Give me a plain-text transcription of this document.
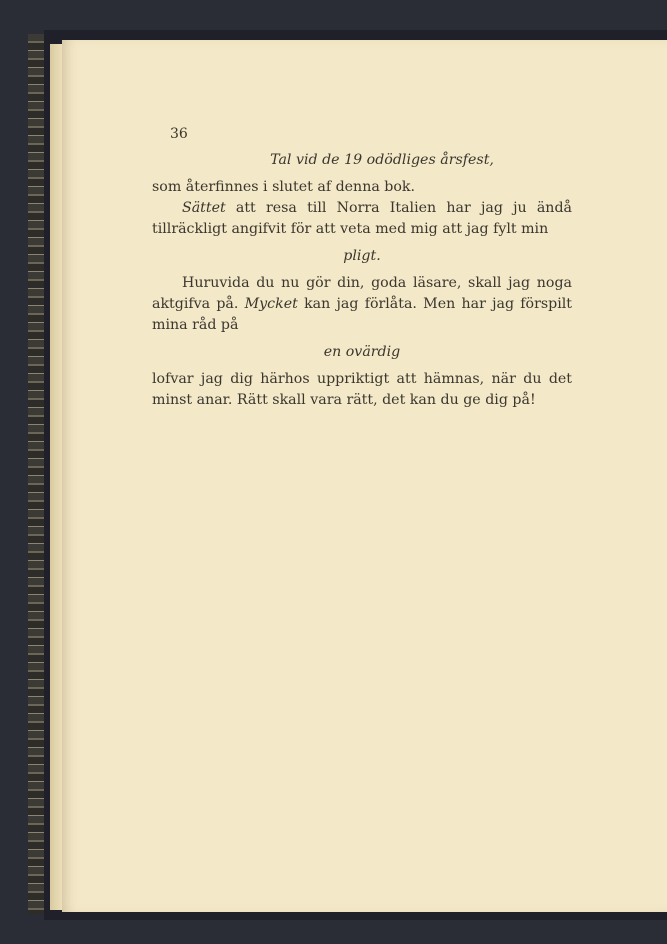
36

Tal vid de 19 odödliges årsfest,

som återfinnes i slutet af denna bok.

Sättet att resa till Norra Italien har jag ju ändå tillräckligt angifvit för att veta med mig att jag fylt min

pligt.

Huruvida du nu gör din, goda läsare, skall jag noga aktgifva på. Mycket kan jag förlåta. Men har jag förspilt mina råd på

en ovärdig

lofvar jag dig härhos uppriktigt att hämnas, när du det minst anar. Rätt skall vara rätt, det kan du ge dig på!
